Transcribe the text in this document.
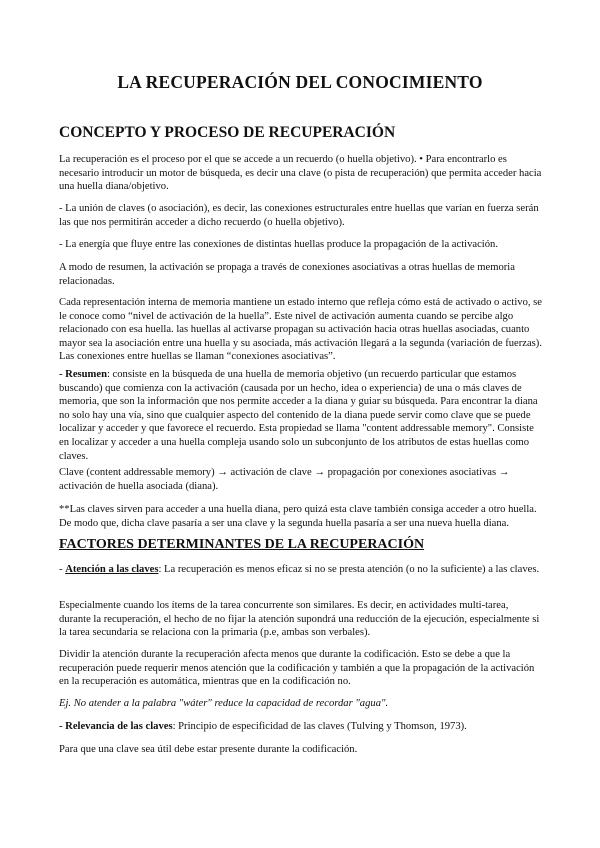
LA RECUPERACIÓN DEL CONOCIMIENTO
CONCEPTO Y PROCESO DE RECUPERACIÓN

La recuperación es el proceso por el que se accede a un recuerdo (o huella objetivo). • Para encontrarlo es necesario introducir un motor de búsqueda, es decir una clave (o pista de recuperación) que permita acceder hacia una huella diana/objetivo.

- La unión de claves (o asociación), es decir, las conexiones estructurales entre huellas que varían en fuerza serán las que nos permitirán acceder a dicho recuerdo (o huella objetivo).

- La energía que fluye entre las conexiones de distintas huellas produce la propagación de la activación.

A modo de resumen, la activación se propaga a través de conexiones asociativas a otras huellas de memoria relacionadas.

Cada representación interna de memoria mantiene un estado interno que refleja cómo está de activado o activo, se le conoce como “nivel de activación de la huella”. Este nivel de activación aumenta cuando se percibe algo relacionado con esa huella. las huellas al activarse propagan su activación hacia otras huellas asociadas, cuanto mayor sea la asociación entre una huella y su asociada, más activación llegará a la segunda (variación de fuerzas). Las conexiones entre huellas se llaman “conexiones asociativas”.

- Resumen: consiste en la búsqueda de una huella de memoria objetivo (un recuerdo particular que estamos buscando) que comienza con la activación (causada por un hecho, idea o experiencia) de una o más claves de memoria, que son la información que nos permite acceder a la diana y guiar su búsqueda. Para encontrar la diana no solo hay una vía, sino que cualquier aspecto del contenido de la diana puede servir como clave que se puede localizar y acceder y que favorece el recuerdo. Esta propiedad se llama "content addressable memory". Consiste en localizar y acceder a una huella compleja usando solo un subconjunto de los atributos de estas huellas como claves.

Clave (content addressable memory) → activación de clave → propagación por conexiones asociativas → activación de huella asociada (diana).

**Las claves sirven para acceder a una huella diana, pero quizá esta clave también consiga acceder a otro huella. De modo que, dicha clave pasaría a ser una clave y la segunda huella pasaría a ser una nueva huella diana.

FACTORES DETERMINANTES DE LA RECUPERACIÓN

- Atención a las claves: La recuperación es menos eficaz si no se presta atención (o no la suficiente) a las claves.

Especialmente cuando los ítems de la tarea concurrente son similares. Es decir, en actividades multi-tarea, durante la recuperación, el hecho de no fijar la atención supondrá una reducción de la ejecución, especialmente si la tarea secundaria se relaciona con la primaria (p.e, ambas son verbales).

Dividir la atención durante la recuperación afecta menos que durante la codificación. Esto se debe a que la recuperación puede requerir menos atención que la codificación y también a que la propagación de la activación en la recuperación es automática, mientras que en la codificación no.

Ej. No atender a la palabra "wáter" reduce la capacidad de recordar "agua".

- Relevancia de las claves: Principio de especificidad de las claves (Tulving y Thomson, 1973).

Para que una clave sea útil debe estar presente durante la codificación.
